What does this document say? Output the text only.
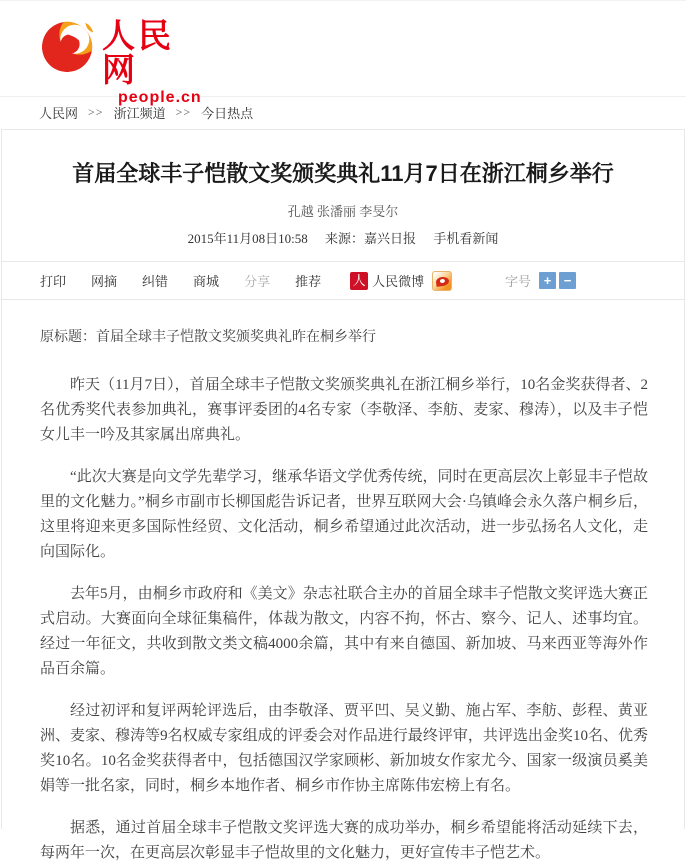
人民网
people.cn
人民网 >> 浙江频道 >> 今日热点
首届全球丰子恺散文奖颁奖典礼11月7日在浙江桐乡举行
孔越 张潘丽 李旻尔
2015年11月08日10:58 来源：嘉兴日报 手机看新闻
打印 网摘 纠错 商城 分享 推荐 人 人民微博	字号 + −
原标题：首届全球丰子恺散文奖颁奖典礼昨在桐乡举行

昨天（11月7日），首届全球丰子恺散文奖颁奖典礼在浙江桐乡举行，10名金奖获得者、2名优秀奖代表参加典礼，赛事评委团的4名专家（李敬泽、李舫、麦家、穆涛），以及丰子恺女儿丰一吟及其家属出席典礼。

“此次大赛是向文学先辈学习，继承华语文学优秀传统，同时在更高层次上彰显丰子恺故里的文化魅力。”桐乡市副市长柳国彪告诉记者，世界互联网大会·乌镇峰会永久落户桐乡后，这里将迎来更多国际性经贸、文化活动，桐乡希望通过此次活动，进一步弘扬名人文化，走向国际化。

去年5月，由桐乡市政府和《美文》杂志社联合主办的首届全球丰子恺散文奖评选大赛正式启动。大赛面向全球征集稿件，体裁为散文，内容不拘，怀古、察今、记人、述事均宜。经过一年征文，共收到散文类文稿4000余篇，其中有来自德国、新加坡、马来西亚等海外作品百余篇。

经过初评和复评两轮评选后，由李敬泽、贾平凹、吴义勤、施占军、李舫、彭程、黄亚洲、麦家、穆涛等9名权威专家组成的评委会对作品进行最终评审，共评选出金奖10名、优秀奖10名。10名金奖获得者中，包括德国汉学家顾彬、新加坡女作家尤今、国家一级演员奚美娟等一批名家，同时，桐乡本地作者、桐乡市作协主席陈伟宏榜上有名。

据悉，通过首届全球丰子恺散文奖评选大赛的成功举办，桐乡希望能将活动延续下去，每两年一次，在更高层次彰显丰子恺故里的文化魅力，更好宣传丰子恺艺术。
